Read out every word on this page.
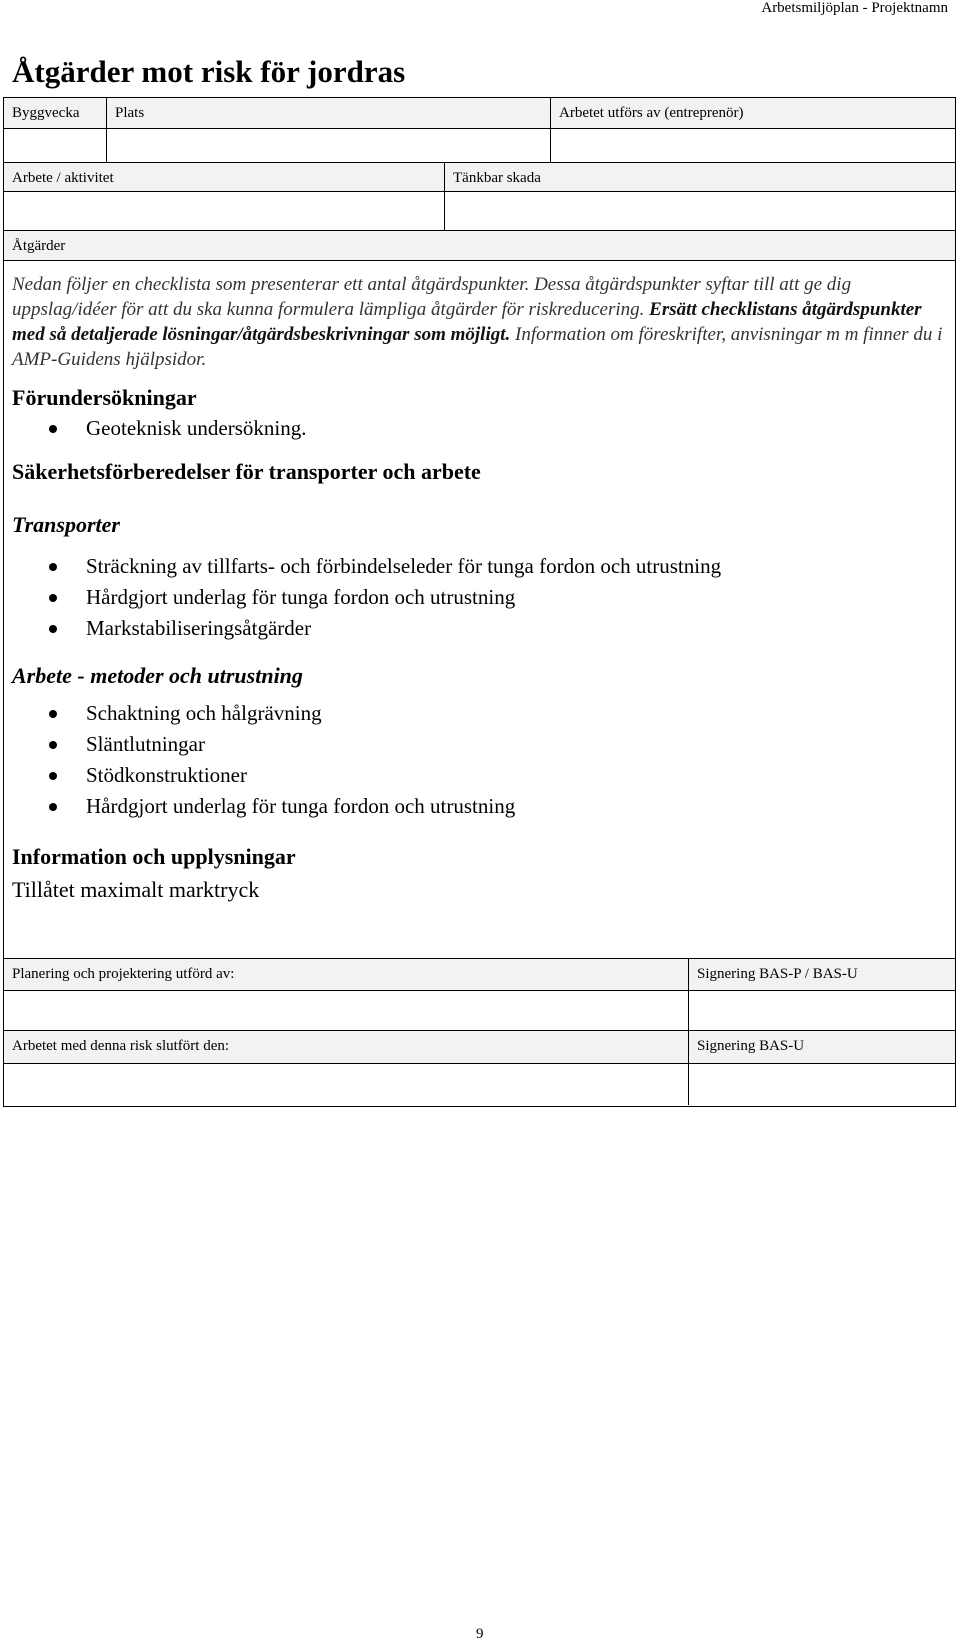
Arbetsmiljöplan - Projektnamn
Åtgärder mot risk för jordras
Byggvecka	Plats	Arbetet utförs av (entreprenör)
Arbete / aktivitet	Tänkbar skada
Åtgärder

Nedan följer en checklista som presenterar ett antal åtgärdspunkter. Dessa åtgärdspunkter syftar till att ge dig uppslag/idéer för att du ska kunna formulera lämpliga åtgärder för riskreducering. Ersätt checklistans åtgärdspunkter med så detaljerade lösningar/åtgärdsbeskrivningar som möjligt. Information om föreskrifter, anvisningar m m finner du i AMP-Guidens hjälpsidor.

Förundersökningar
Geoteknisk undersökning.
Säkerhetsförberedelser för transporter och arbete
Transporter
Sträckning av tillfarts- och förbindelseleder för tunga fordon och utrustning
Hårdgjort underlag för tunga fordon och utrustning
Markstabiliseringsåtgärder
Arbete - metoder och utrustning
Schaktning och hålgrävning
Släntlutningar
Stödkonstruktioner
Hårdgjort underlag för tunga fordon och utrustning
Information och upplysningar

Tillåtet maximalt marktryck

Planering och projektering utförd av:	Signering BAS-P / BAS-U
Arbetet med denna risk slutfört den:	Signering BAS-U
9
